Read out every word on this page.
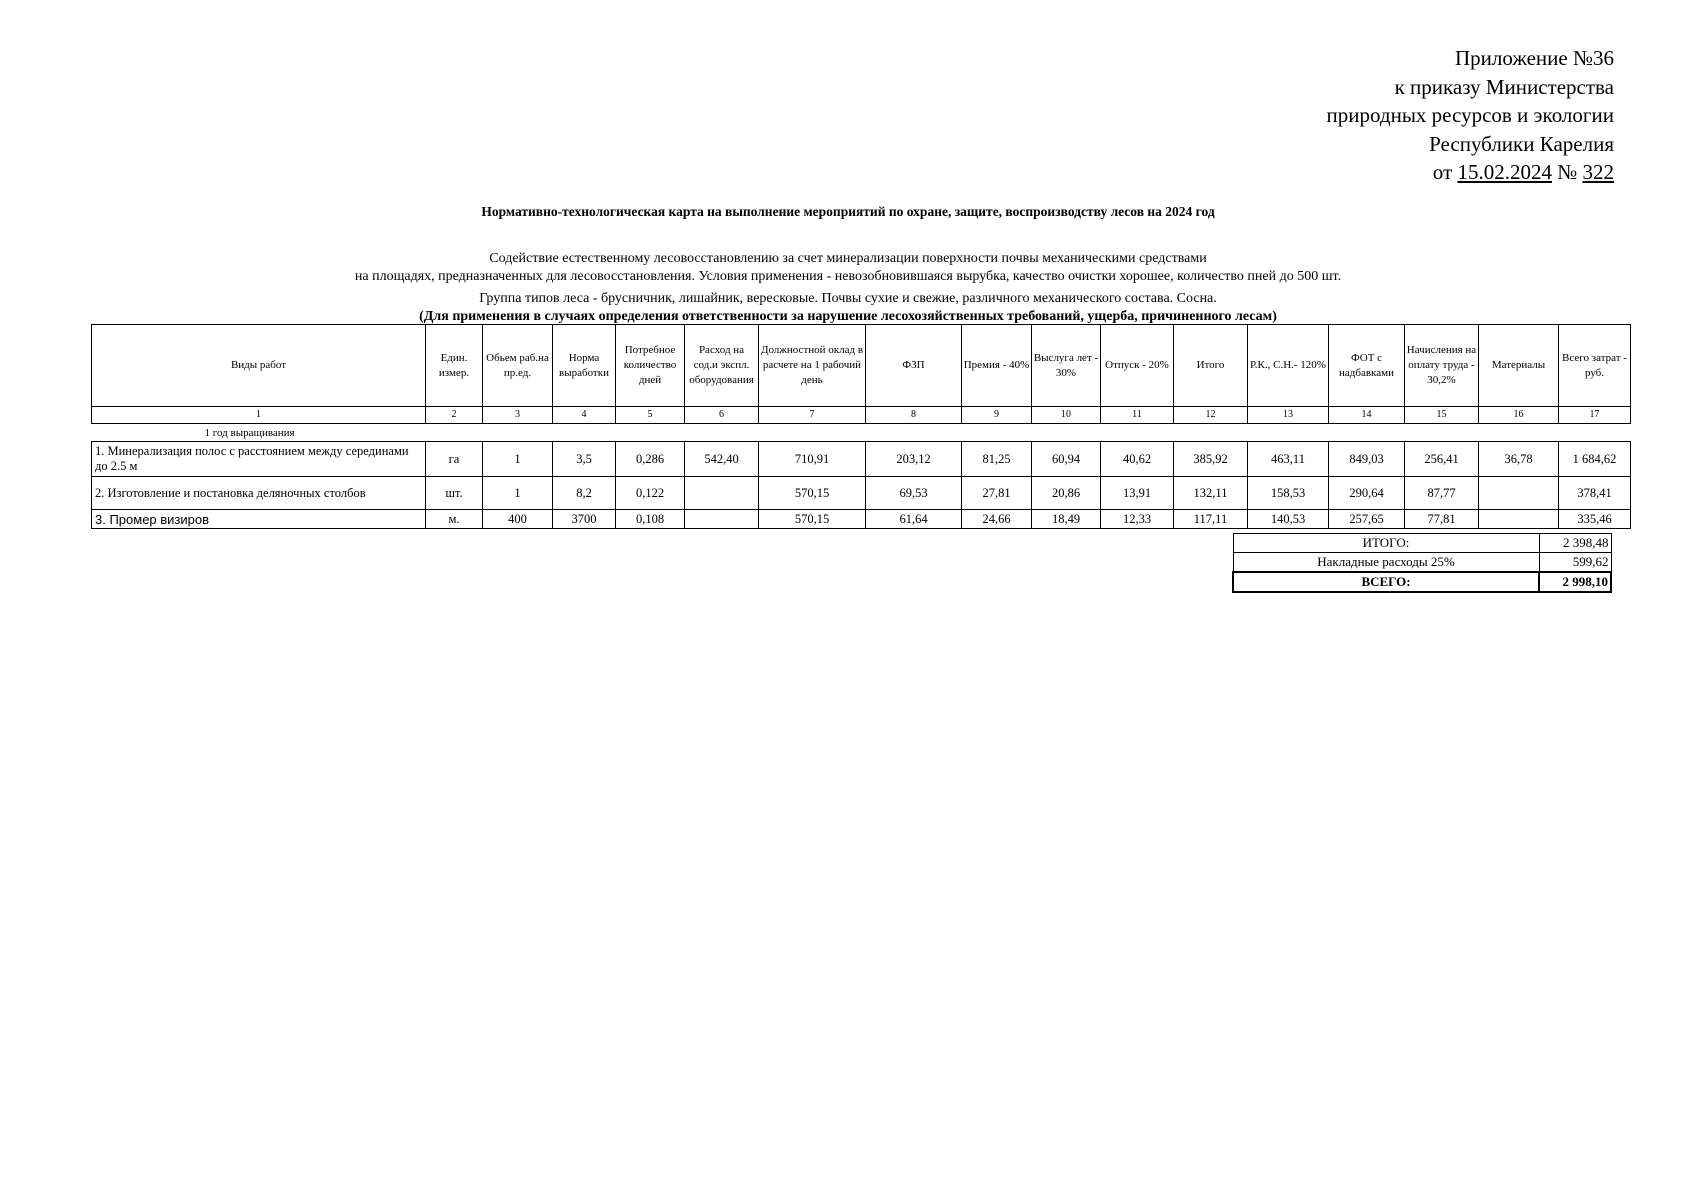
Приложение №36
к приказу Министерства
природных ресурсов и экологии
Республики Карелия
от 15.02.2024 № 322
Нормативно-технологическая карта на выполнение мероприятий по охране, защите, воспроизводству лесов на 2024 год
Содействие естественному лесовосстановлению за счет минерализации поверхности почвы механическими средствами
на площадях, предназначенных для лесовосстановления. Условия применения - невозобновившаяся вырубка, качество очистки хорошее, количество пней до 500 шт.
Группа типов леса - брусничник, лишайник, вересковые. Почвы сухие и свежие, различного механического состава. Сосна.
(Для применения в случаях определения ответственности за нарушение лесохозяйственных требований, ущерба, причиненного лесам)
Виды работ	Един. измер.	Обьем раб.на пр.ед.	Норма выработки	Потребное количество дней	Расход на сод.и экспл. оборудования	Должностной оклад в расчете на 1 рабочий день	ФЗП	Премия - 40%	Выслуга лет - 30%	Отпуск - 20%	Итого	Р.К., С.Н.- 120%	ФОТ с надбавками	Начисления на оплату труда - 30,2%	Материалы	Всего затрат - руб.
1	2	3	4	5	6	7	8	9	10	11	12	13	14	15	16	17
1 год выращивания																
1. Минерализация полос с расстоянием между серединами до 2.5 м	га	1	3,5	0,286	542,40	710,91	203,12	81,25	60,94	40,62	385,92	463,11	849,03	256,41	36,78	1 684,62
2. Изготовление и постановка деляночных столбов	шт.	1	8,2	0,122		570,15	69,53	27,81	20,86	13,91	132,11	158,53	290,64	87,77		378,41
3. Промер визиров	м.	400	3700	0,108		570,15	61,64	24,66	18,49	12,33	117,11	140,53	257,65	77,81		335,46
ИТОГО:	2 398,48
Накладные расходы 25%	599,62
ВСЕГО:	2 998,10
